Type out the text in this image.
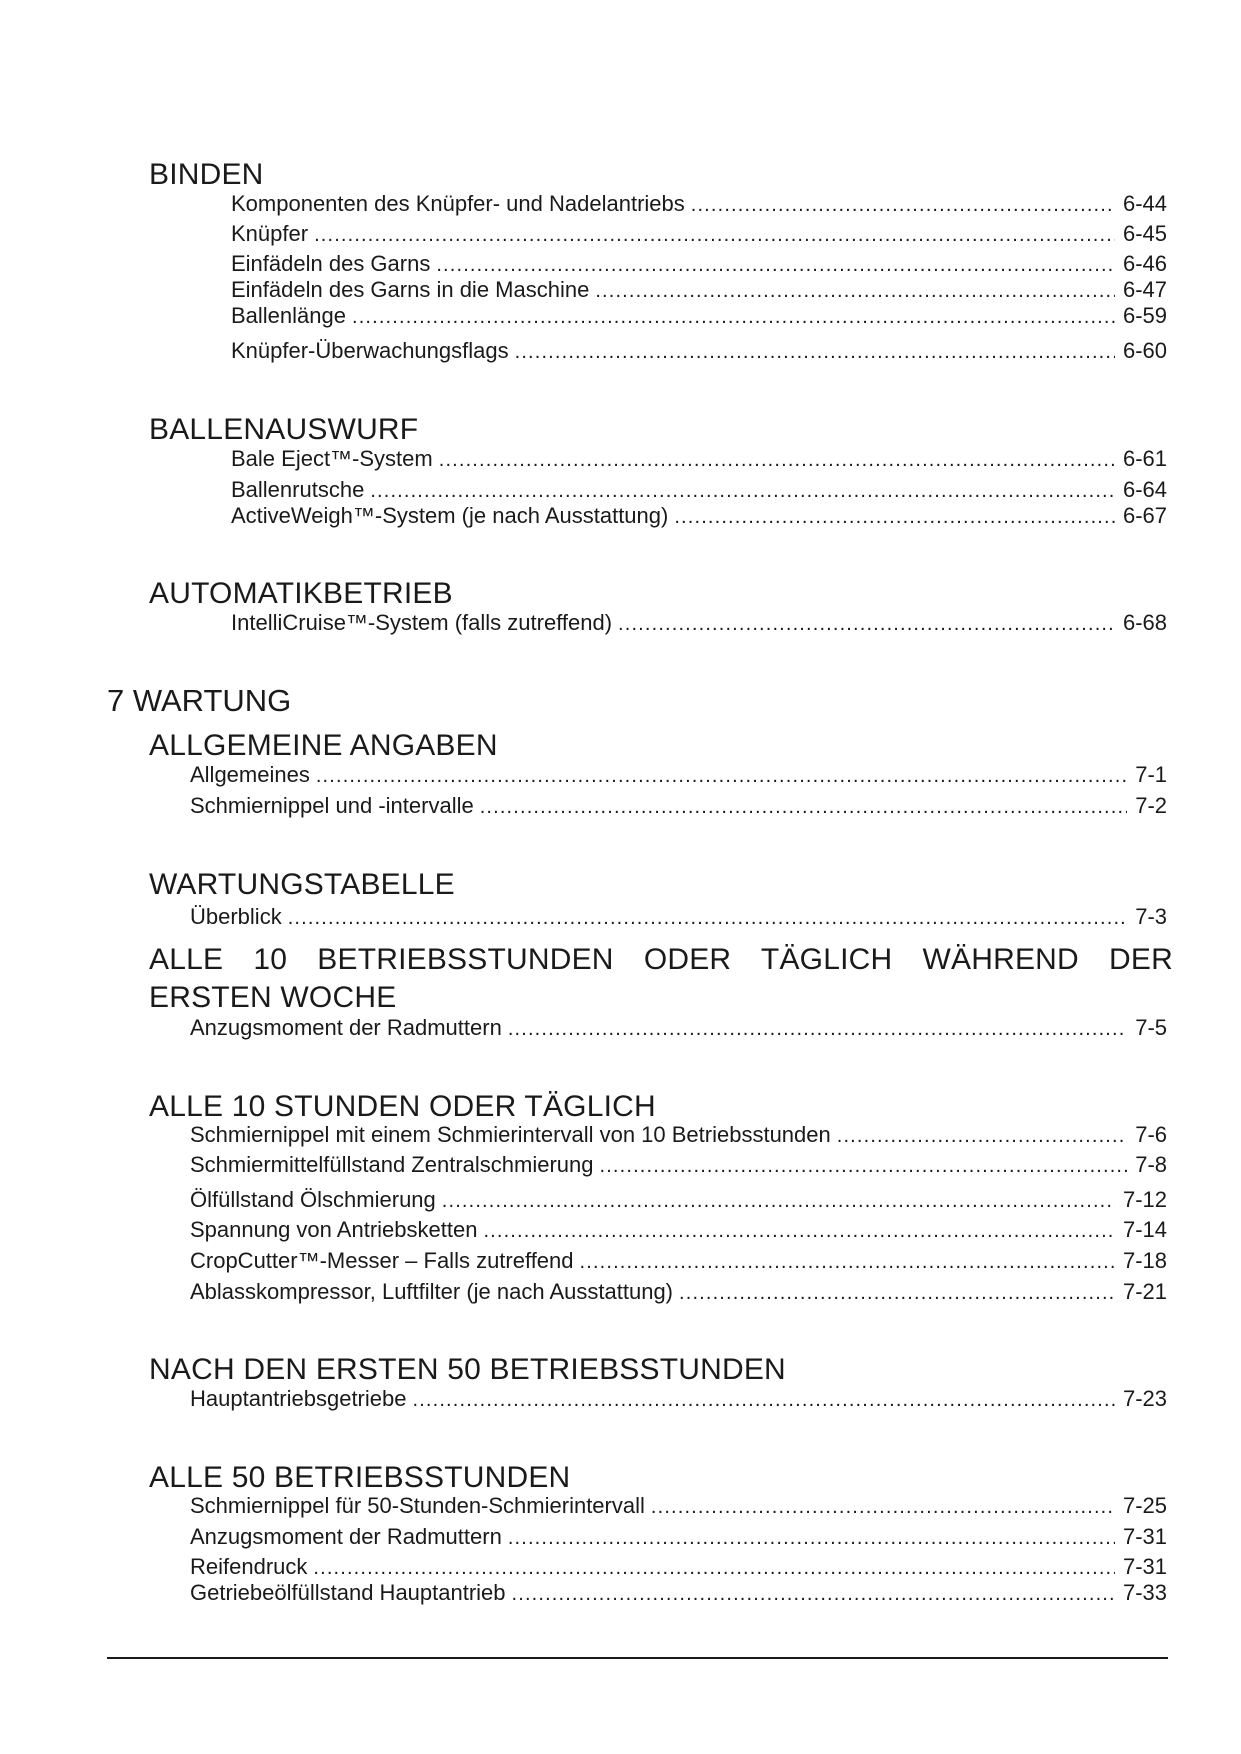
BINDEN
Komponenten des Knüpfer- und Nadelantriebs . . .	6-44
Knüpfer . . .	6-45
Einfädeln des Garns . . .	6-46
Einfädeln des Garns in die Maschine . . .	6-47
Ballenlänge . . .	6-59
Knüpfer-Überwachungsflags . . .	6-60
BALLENAUSWURF
Bale Eject™-System . . .	6-61
Ballenrutsche . . .	6-64
ActiveWeigh™-System (je nach Ausstattung) . . .	6-67
AUTOMATIKBETRIEB
IntelliCruise™-System (falls zutreffend) . . .	6-68
7 WARTUNG
ALLGEMEINE ANGABEN
Allgemeines . . .	7-1
Schmiernippel und -intervalle . . .	7-2
WARTUNGSTABELLE
Überblick . . .	7-3
ALLE 10 BETRIEBSSTUNDEN ODER TÄGLICH WÄHREND DER
ERSTEN WOCHE
Anzugsmoment der Radmuttern . . .	7-5
ALLE 10 STUNDEN ODER TÄGLICH
Schmiernippel mit einem Schmierintervall von 10 Betriebsstunden . . .	7-6
Schmiermittelfüllstand Zentralschmierung . . .	7-8
Ölfüllstand Ölschmierung . . .	7-12
Spannung von Antriebsketten . . .	7-14
CropCutter™-Messer – Falls zutreffend . . .	7-18
Ablasskompressor, Luftfilter (je nach Ausstattung) . . .	7-21
NACH DEN ERSTEN 50 BETRIEBSSTUNDEN
Hauptantriebsgetriebe . . .	7-23
ALLE 50 BETRIEBSSTUNDEN
Schmiernippel für 50-Stunden-Schmierintervall . . .	7-25
Anzugsmoment der Radmuttern . . .	7-31
Reifendruck . . .	7-31
Getriebeölfüllstand Hauptantrieb . . .	7-33
